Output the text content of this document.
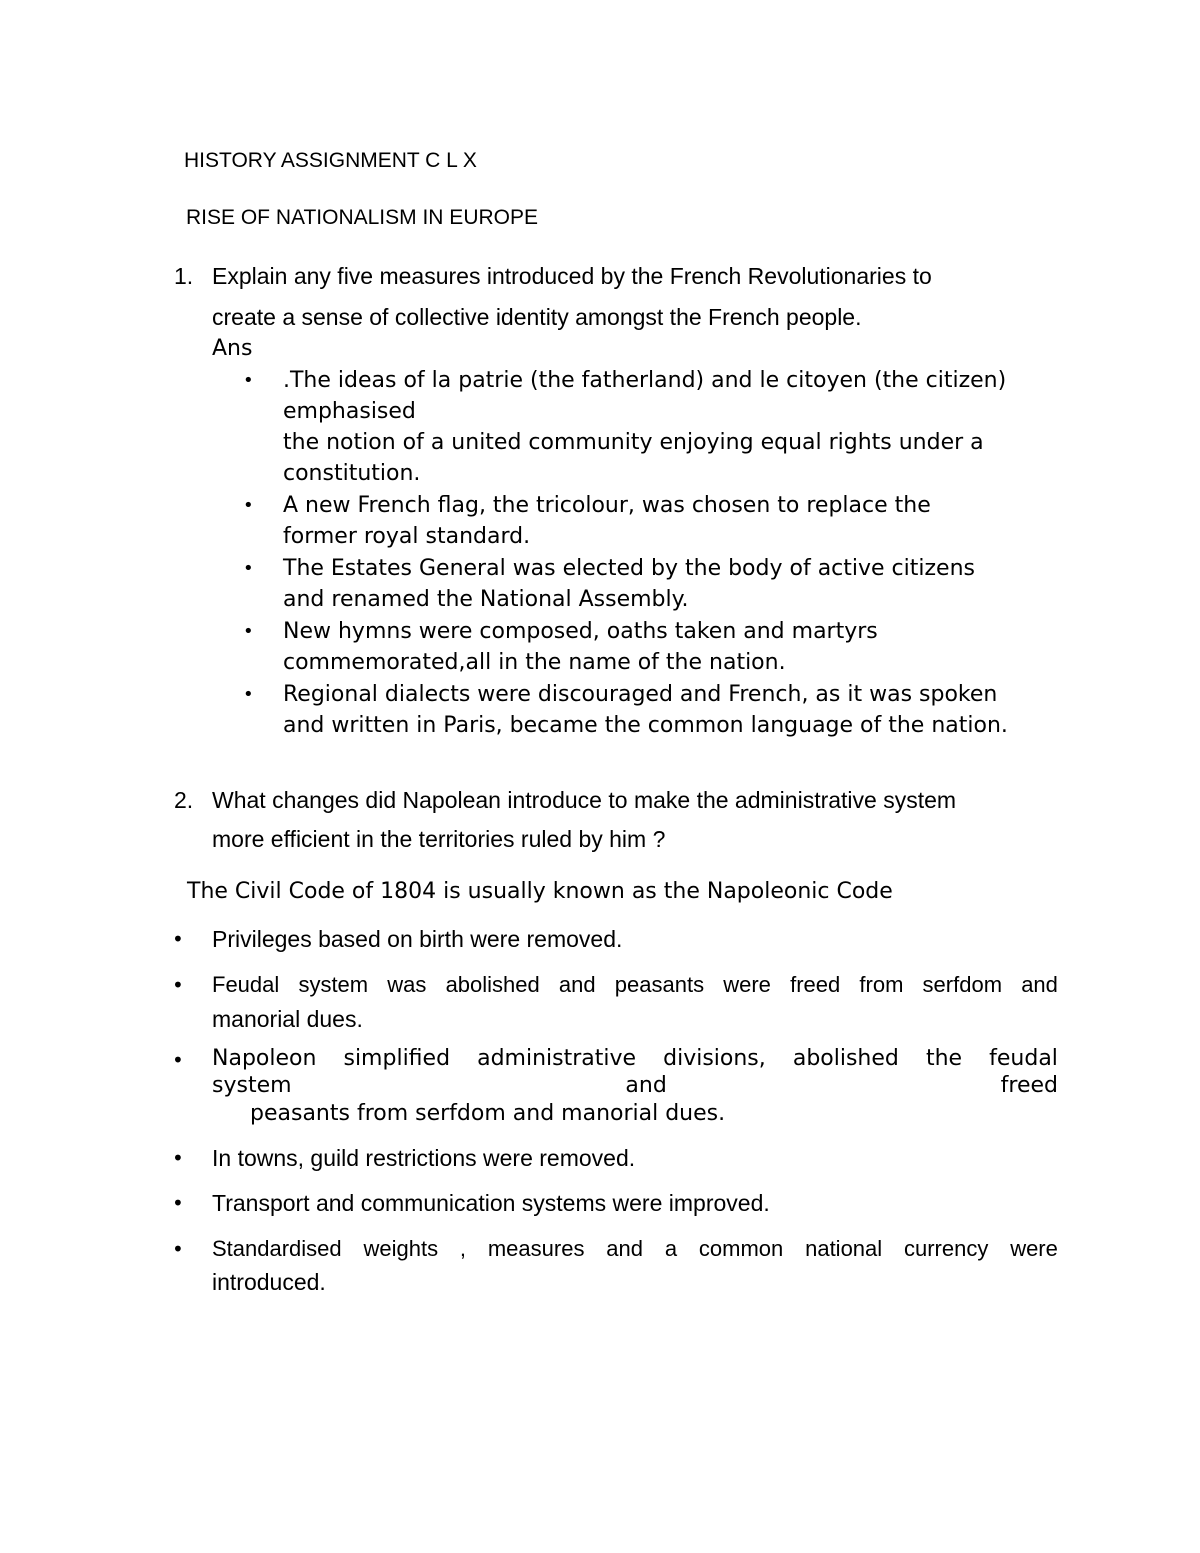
HISTORY ASSIGNMENT C L X
RISE OF NATIONALISM IN EUROPE
1. Explain any five measures introduced by the French Revolutionaries to
create a sense of collective identity amongst the French people.
Ans
• .The ideas of la patrie (the fatherland) and le citoyen (the citizen)
emphasised
the notion of a united community enjoying equal rights under a
constitution.
• A new French flag, the tricolour, was chosen to replace the
former royal standard.
• The Estates General was elected by the body of active citizens
and renamed the National Assembly.
• New hymns were composed, oaths taken and martyrs
commemorated,all in the name of the nation.
• Regional dialects were discouraged and French, as it was spoken
and written in Paris, became the common language of the nation.
2. What changes did Napolean introduce to make the administrative system
more efficient in the territories ruled by him ?
The Civil Code of 1804 is usually known as the Napoleonic Code
• Privileges based on birth were removed.
• Feudal system was abolished and peasants were freed from serfdom and
manorial dues.
• Napoleon simplified administrative divisions, abolished the feudal
system	and	freed
peasants from serfdom and manorial dues.
• In towns, guild restrictions were removed.
• Transport and communication systems were improved.
• Standardised weights , measures and a common national currency were
introduced.
